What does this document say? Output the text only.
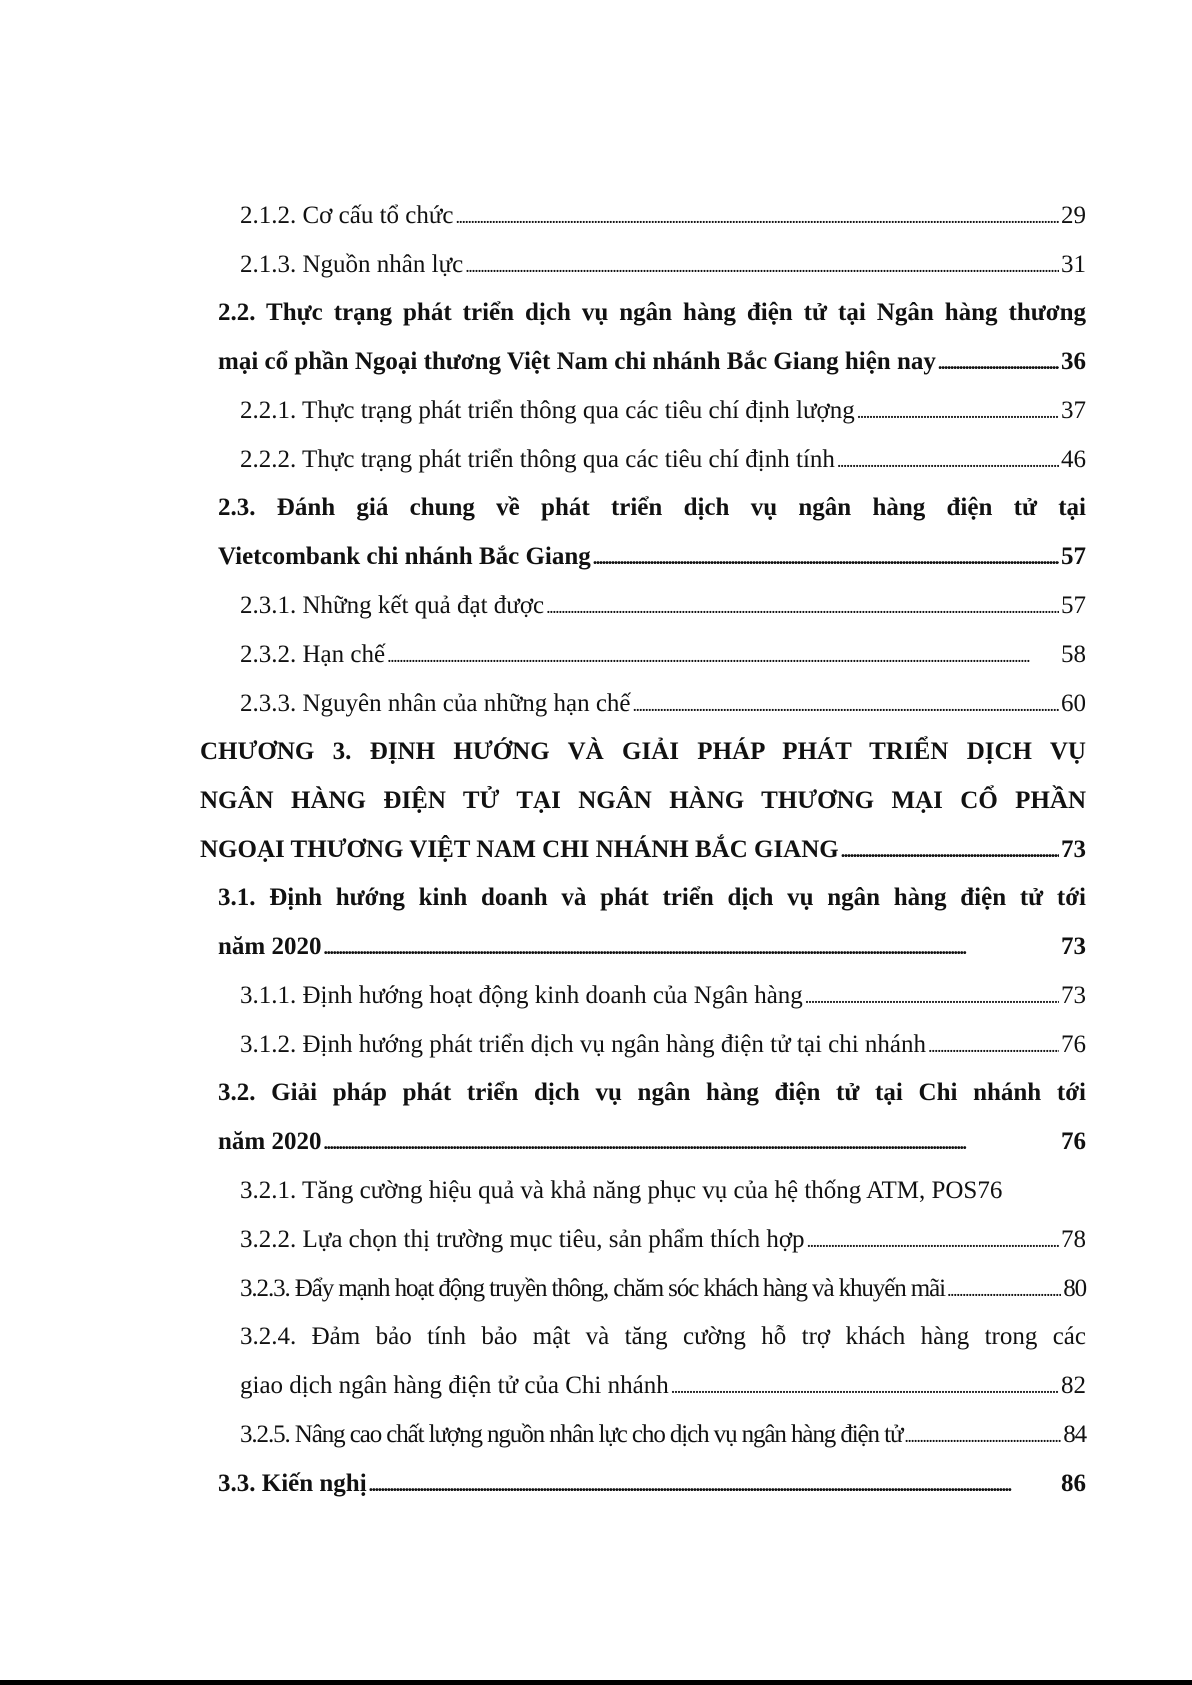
2.1.2. Cơ cấu tổ chức . . .	29
2.1.3. Nguồn nhân lực . . .	31
2.2. Thực trạng phát triển dịch vụ ngân hàng điện tử tại Ngân hàng thương
mại cổ phần Ngoại thương Việt Nam chi nhánh Bắc Giang hiện nay . . .	36
2.2.1. Thực trạng phát triển thông qua các tiêu chí định lượng . . .	37
2.2.2. Thực trạng phát triển thông qua các tiêu chí định tính . . .	46
2.3. Đánh giá chung về phát triển dịch vụ ngân hàng điện tử tại
Vietcombank chi nhánh Bắc Giang . . .	57
2.3.1. Những kết quả đạt được . . .	57
2.3.2. Hạn chế . . .	58
2.3.3. Nguyên nhân của những hạn chế . . .	60
CHƯƠNG 3. ĐỊNH HƯỚNG VÀ GIẢI PHÁP PHÁT TRIỂN DỊCH VỤ
NGÂN HÀNG ĐIỆN TỬ TẠI NGÂN HÀNG THƯƠNG MẠI CỔ PHẦN
NGOẠI THƯƠNG VIỆT NAM CHI NHÁNH BẮC GIANG . . .	73
3.1. Định hướng kinh doanh và phát triển dịch vụ ngân hàng điện tử tới
năm 2020 . . .	73
3.1.1. Định hướng hoạt động kinh doanh của Ngân hàng . . .	73
3.1.2. Định hướng phát triển dịch vụ ngân hàng điện tử tại chi nhánh . . .	76
3.2. Giải pháp phát triển dịch vụ ngân hàng điện tử tại Chi nhánh tới
năm 2020 . . .	76
3.2.1. Tăng cường hiệu quả và khả năng phục vụ của hệ thống ATM, POS 76
3.2.2. Lựa chọn thị trường mục tiêu, sản phẩm thích hợp . . .	78
3.2.3. Đẩy mạnh hoạt động truyền thông, chăm sóc khách hàng và khuyến mãi . . .	80
3.2.4. Đảm bảo tính bảo mật và tăng cường hỗ trợ khách hàng trong các
giao dịch ngân hàng điện tử của Chi nhánh . . .	82
3.2.5. Nâng cao chất lượng nguồn nhân lực cho dịch vụ ngân hàng điện tử . . .	84
3.3. Kiến nghị . . .	86
